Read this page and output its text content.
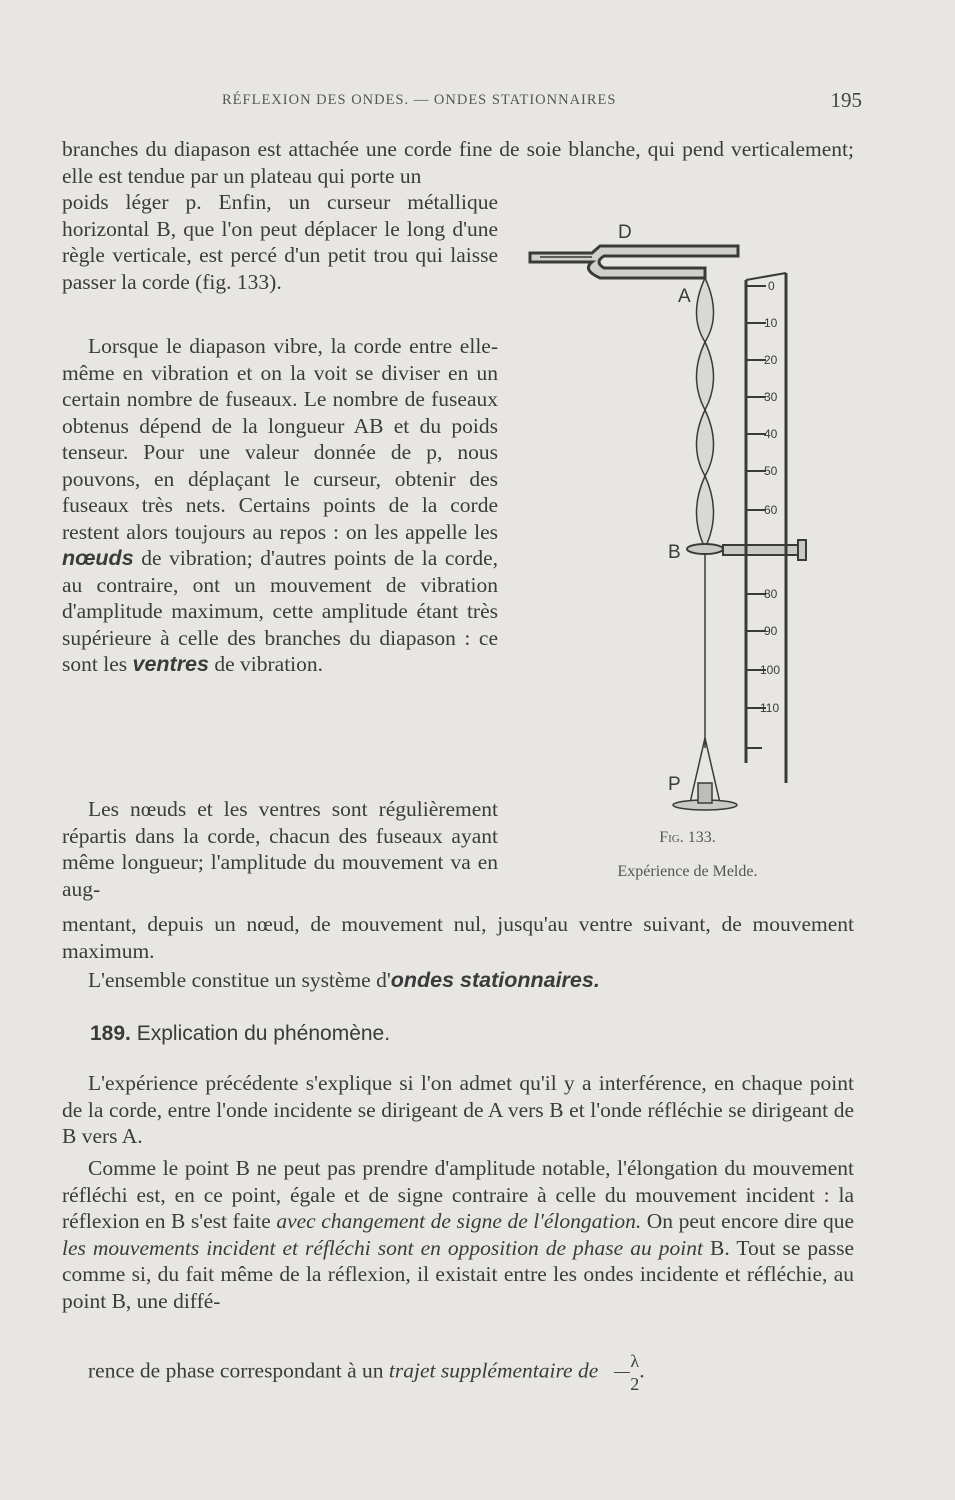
RÉFLEXION DES ONDES. — ONDES STATIONNAIRES	195

branches du diapason est attachée une corde fine de soie blanche, qui pend verticalement; elle est tendue par un plateau qui porte un

poids léger p. Enfin, un curseur métallique horizontal B, que l'on peut déplacer le long d'une règle verticale, est percé d'un petit trou qui laisse passer la corde (fig. 133).

Lorsque le diapason vibre, la corde entre elle-même en vibration et on la voit se diviser en un certain nombre de fuseaux. Le nombre de fuseaux obtenus dépend de la longueur AB et du poids tenseur. Pour une valeur donnée de p, nous pouvons, en déplaçant le curseur, obtenir des fuseaux très nets. Certains points de la corde restent alors toujours au repos : on les appelle les nœuds de vibration; d'autres points de la corde, au contraire, ont un mouvement de vibration d'amplitude maximum, cette amplitude étant très supérieure à celle des branches du diapason : ce sont les ventres de vibration.

Les nœuds et les ventres sont régulièrement répartis dans la corde, chacun des fuseaux ayant même longueur; l'amplitude du mouvement va en aug-

mentant, depuis un nœud, de mouvement nul, jusqu'au ventre suivant, de mouvement maximum.

L'ensemble constitue un système d'ondes stationnaires.

189. Explication du phénomène.

L'expérience précédente s'explique si l'on admet qu'il y a interférence, en chaque point de la corde, entre l'onde incidente se dirigeant de A vers B et l'onde réfléchie se dirigeant de B vers A.

Comme le point B ne peut pas prendre d'amplitude notable, l'élongation du mouvement réfléchi est, en ce point, égale et de signe contraire à celle du mouvement incident : la réflexion en B s'est faite avec changement de signe de l'élongation. On peut encore dire que les mouvements incident et réfléchi sont en opposition de phase au point B. Tout se passe comme si, du fait même de la réflexion, il existait entre les ondes incidente et réfléchie, au point B, une diffé-

rence de phase correspondant à un trajet supplémentaire de $\frac{\lambda}{2}$ .

D
A
B
P
0
10
20
30
40
50
60
80
90
100
110
Fig. 133.
Expérience de Melde.
